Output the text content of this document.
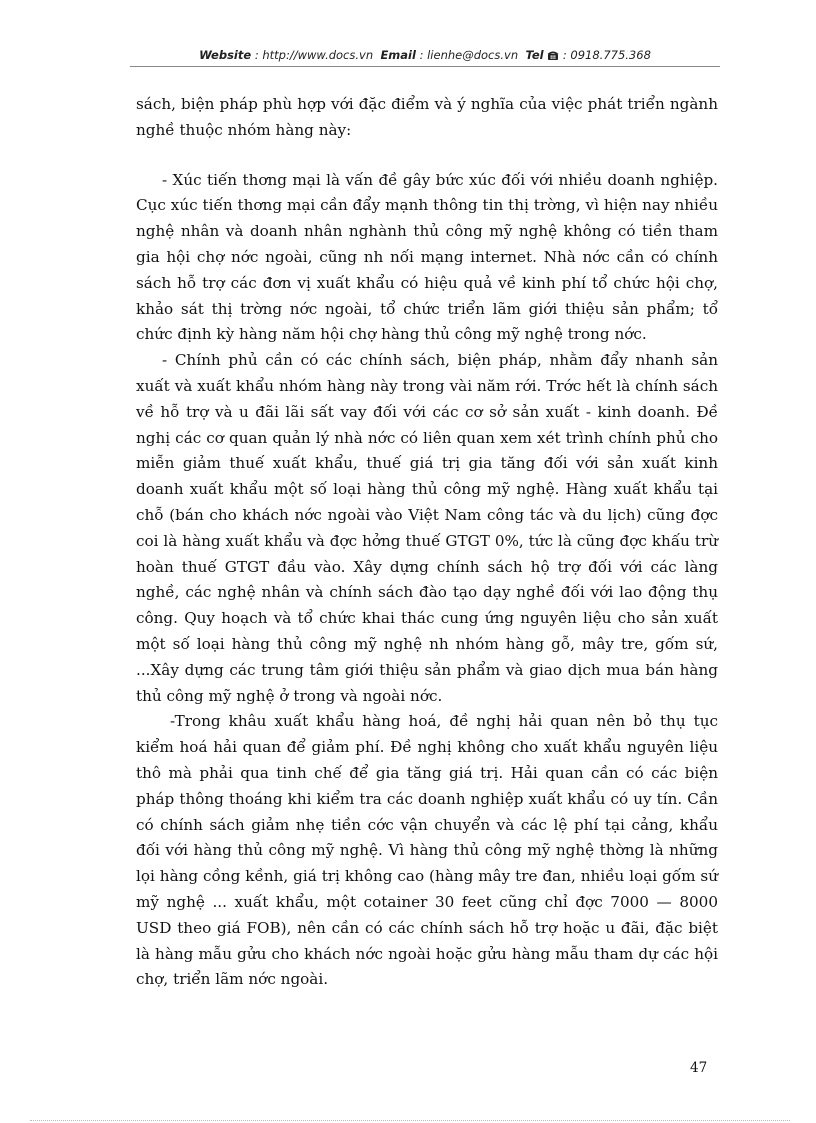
Website : http://www.docs.vn Email : lienhe@docs.vn Tel : 0918.775.368

sách, biện pháp phù hợp với đặc điểm và ý nghĩa của việc phát triển ngành nghề thuộc nhóm hàng này:

- Xúc tiến thơng mại là vấn đề gây bức xúc đối với nhiều doanh nghiệp. Cục xúc tiến thơng mại cần đẩy mạnh thông tin thị trờng, vì hiện nay nhiều nghệ nhân và doanh nhân nghành thủ công mỹ nghệ không có tiền tham gia hội chợ nớc ngoài, cũng nh nối mạng internet. Nhà nớc cần có chính sách hỗ trợ các đơn vị xuất khẩu có hiệu quả về kinh phí tổ chức hội chợ, khảo sát thị trờng nớc ngoài, tổ chức triển lãm giới thiệu sản phẩm; tổ chức định kỳ hàng năm hội chợ hàng thủ công mỹ nghệ trong nớc.

- Chính phủ cần có các chính sách, biện pháp, nhằm đẩy nhanh sản xuất và xuất khẩu nhóm hàng này trong vài năm rới. Trớc hết là chính sách về hỗ trợ và u đãi lãi sất vay đối với các cơ sở sản xuất - kinh doanh. Đề nghị các cơ quan quản lý nhà nớc có liên quan xem xét trình chính phủ cho miễn giảm thuế xuất khẩu, thuế giá trị gia tăng đối với sản xuất kinh doanh xuất khẩu một số loại hàng thủ công mỹ nghệ. Hàng xuất khẩu tại chỗ (bán cho khách nớc ngoài vào Việt Nam công tác và du lịch) cũng đợc coi là hàng xuất khẩu và đợc hởng thuế GTGT 0%, tức là cũng đợc khấu trừ hoàn thuế GTGT đầu vào. Xây dựng chính sách hộ trợ đối với các làng nghề, các nghệ nhân và chính sách đào tạo dạy nghề đối với lao động thụ công. Quy hoạch và tổ chức khai thác cung ứng nguyên liệu cho sản xuất một số loại hàng thủ công mỹ nghệ nh nhóm hàng gỗ, mây tre, gốm sứ, ...Xây dựng các trung tâm giới thiệu sản phẩm và giao dịch mua bán hàng thủ công mỹ nghệ ở trong và ngoài nớc.

-Trong khâu xuất khẩu hàng hoá, đề nghị hải quan nên bỏ thụ tục kiểm hoá hải quan để giảm phí. Đề nghị không cho xuất khẩu nguyên liệu thô mà phải qua tinh chế để gia tăng giá trị. Hải quan cần có các biện pháp thông thoáng khi kiểm tra các doanh nghiệp xuất khẩu có uy tín. Cần có chính sách giảm nhẹ tiền cớc vận chuyển và các lệ phí tại cảng, khẩu đối với hàng thủ công mỹ nghệ. Vì hàng thủ công mỹ nghệ thờng là những lọi hàng cồng kềnh, giá trị không cao (hàng mây tre đan, nhiều loại gốm sứ mỹ nghệ ... xuất khẩu, một cotainer 30 feet cũng chỉ đợc 7000 — 8000 USD theo giá FOB), nên cần có các chính sách hỗ trợ hoặc u đãi, đặc biệt là hàng mẫu gửu cho khách nớc ngoài hoặc gửu hàng mẫu tham dự các hội chợ, triển lãm nớc ngoài.

47
